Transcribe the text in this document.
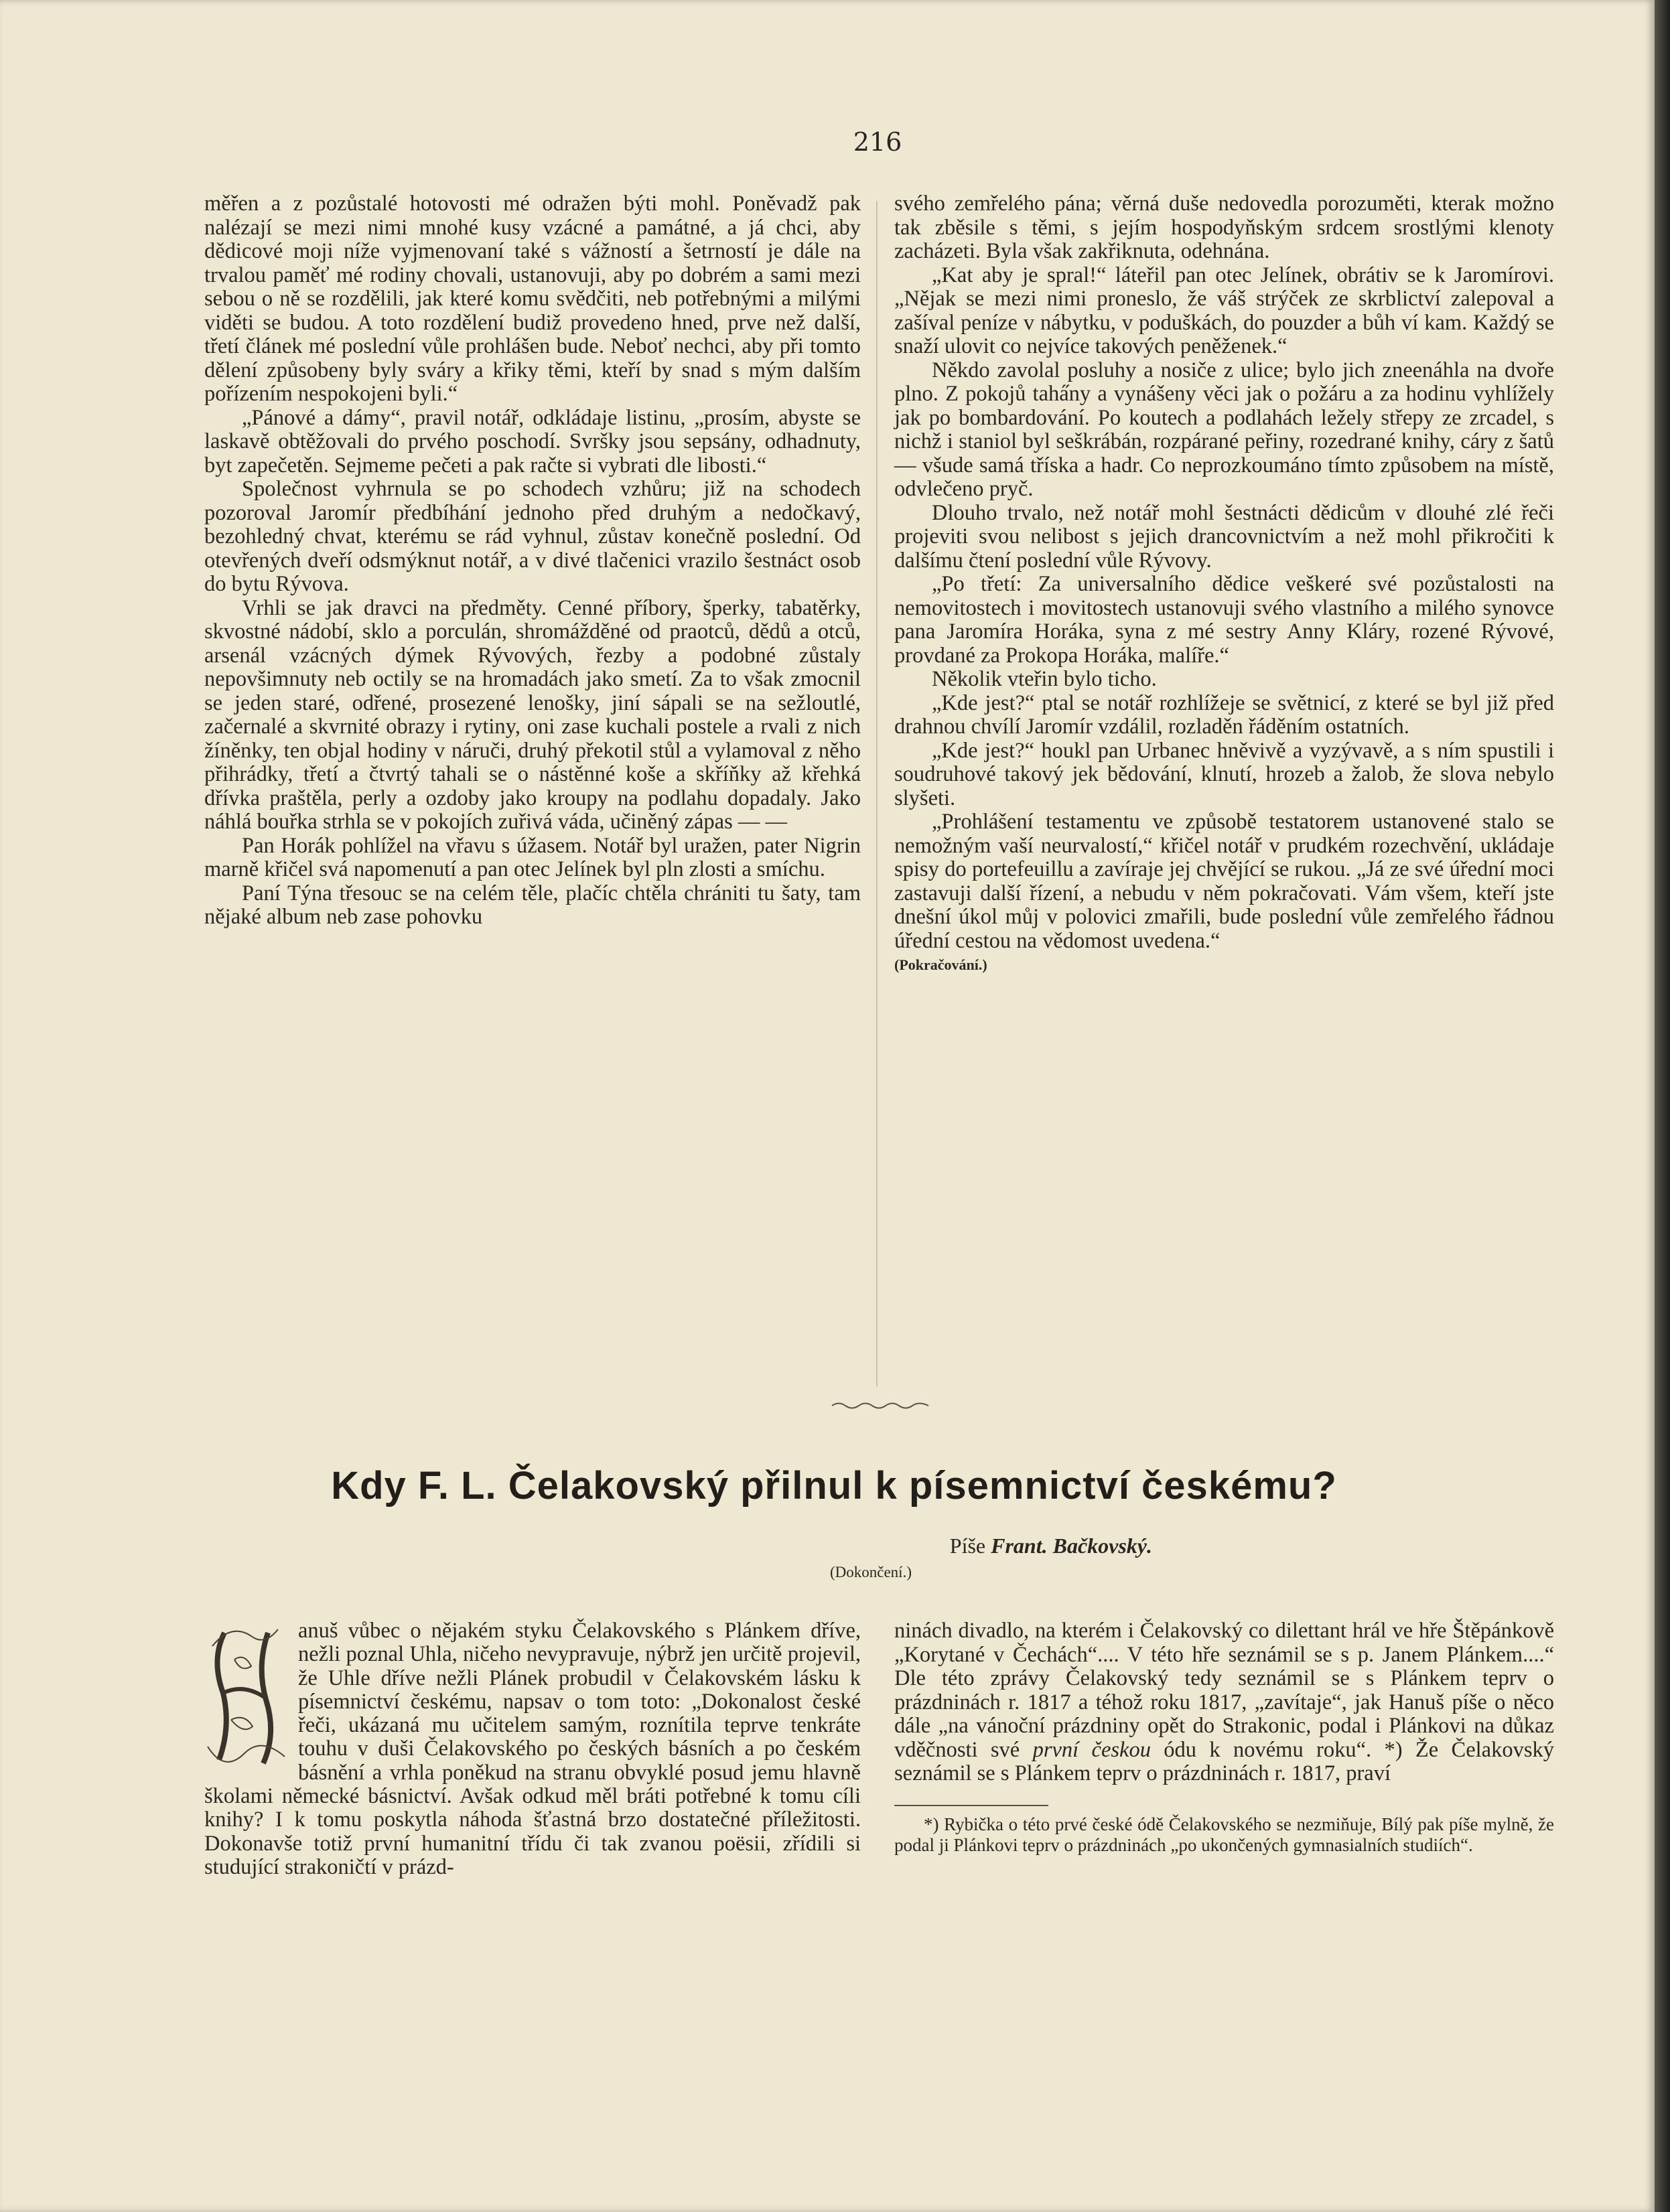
216

měřen a z pozůstalé hotovosti mé odražen býti mohl. Poněvadž pak nalézají se mezi nimi mnohé kusy vzácné a památné, a já chci, aby dědicové moji níže vyjmenovaní také s vážností a šetrností je dále na trvalou paměť mé rodiny chovali, ustanovuji, aby po dobrém a sami mezi sebou o ně se rozdělili, jak které komu svědčiti, neb potřebnými a milými viděti se budou. A toto rozdělení budiž provedeno hned, prve než další, třetí článek mé poslední vůle prohlášen bude. Neboť nechci, aby při tomto dělení způsobeny byly sváry a křiky těmi, kteří by snad s mým dalším pořízením nespokojeni byli.“

„Pánové a dámy“, pravil notář, odkládaje listinu, „prosím, abyste se laskavě obtěžovali do prvého poschodí. Svršky jsou sepsány, odhadnuty, byt zapečetěn. Sejmeme pečeti a pak račte si vybrati dle libosti.“

Společnost vyhrnula se po schodech vzhůru; již na schodech pozoroval Jaromír předbíhání jednoho před druhým a nedočkavý, bezohledný chvat, kterému se rád vyhnul, zůstav konečně poslední. Od otevřených dveří odsmýknut notář, a v divé tlačenici vrazilo šestnáct osob do bytu Rývova.

Vrhli se jak dravci na předměty. Cenné příbory, šperky, tabatěrky, skvostné nádobí, sklo a porculán, shromážděné od praotců, dědů a otců, arsenál vzácných dýmek Rývových, řezby a podobné zůstaly nepovšimnuty neb octily se na hromadách jako smetí. Za to však zmocnil se jeden staré, odřené, prosezené lenošky, jiní sápali se na sežloutlé, začernalé a skvrnité obrazy i rytiny, oni zase kuchali postele a rvali z nich žíněnky, ten objal hodiny v náruči, druhý překotil stůl a vylamoval z něho přihrádky, třetí a čtvrtý tahali se o nástěnné koše a skříňky až křehká dřívka praštěla, perly a ozdoby jako kroupy na podlahu dopadaly. Jako náhlá bouřka strhla se v pokojích zuřivá váda, učiněný zápas — —

Pan Horák pohlížel na vřavu s úžasem. Notář byl uražen, pater Nigrin marně křičel svá napomenutí a pan otec Jelínek byl pln zlosti a smíchu.

Paní Týna třesouc se na celém těle, plačíc chtěla chrániti tu šaty, tam nějaké album neb zase pohovku

svého zemřelého pána; věrná duše nedovedla porozuměti, kterak možno tak zběsile s těmi, s jejím hospodyňským srdcem srostlými klenoty zacházeti. Byla však zakřiknuta, odehnána.

„Kat aby je spral!“ láteřil pan otec Jelínek, obrátiv se k Jaromírovi. „Nějak se mezi nimi proneslo, že váš strýček ze skrblictví zalepoval a zašíval peníze v nábytku, v poduškách, do pouzder a bůh ví kam. Každý se snaží ulovit co nejvíce takových peněženek.“

Někdo zavolal posluhy a nosiče z ulice; bylo jich zneenáhla na dvoře plno. Z pokojů taha̋ny a vynášeny věci jak o požáru a za hodinu vyhlížely jak po bombardování. Po koutech a podlahách ležely střepy ze zrcadel, s nichž i staniol byl seškrábán, rozpárané peřiny, rozedrané knihy, cáry z šatů — všude samá tříska a hadr. Co neprozkoumáno tímto způsobem na místě, odvlečeno pryč.

Dlouho trvalo, než notář mohl šestnácti dědicům v dlouhé zlé řeči projeviti svou nelibost s jejich drancovnictvím a než mohl přikročiti k dalšímu čtení poslední vůle Rývovy.

„Po třetí: Za universalního dědice veškeré své pozůstalosti na nemovitostech i movitostech ustanovuji svého vlastního a milého synovce pana Jaromíra Horáka, syna z mé sestry Anny Kláry, rozené Rývové, provdané za Prokopa Horáka, malíře.“

Několik vteřin bylo ticho.

„Kde jest?“ ptal se notář rozhlížeje se světnicí, z které se byl již před drahnou chvílí Jaromír vzdálil, rozladěn řáděním ostatních.

„Kde jest?“ houkl pan Urbanec hněvivě a vyzývavě, a s ním spustili i soudruhové takový jek bědování, klnutí, hrozeb a žalob, že slova nebylo slyšeti.

„Prohlášení testamentu ve způsobě testatorem ustanovené stalo se nemožným vaší neurvalostí,“ křičel notář v prudkém rozechvění, ukládaje spisy do portefeuillu a zavíraje jej chvějící se rukou. „Já ze své úřední moci zastavuji další řízení, a nebudu v něm pokračovati. Vám všem, kteří jste dnešní úkol můj v polovici zmařili, bude poslední vůle zemřelého řádnou úřední cestou na vědomost uvedena.“

(Pokračování.)

Kdy F. L. Čelakovský přilnul k písemnictví českému?
Píše Frant. Bačkovský.
(Dokončení.)

anuš vůbec o nějakém styku Čelakovského s Plánkem dříve, nežli poznal Uhla, ničeho nevypravuje, nýbrž jen určitě projevil, že Uhle dříve nežli Plánek probudil v Čelakovském lásku k písemnictví českému, napsav o tom toto: „Dokonalost české řeči, ukázaná mu učitelem samým, roznítila teprve tenkráte touhu v duši Čelakovského po českých básních a po českém básnění a vrhla poněkud na stranu obvyklé posud jemu hlavně školami německé básnictví. Avšak odkud měl bráti potřebné k tomu cíli knihy? I k tomu poskytla náhoda šťastná brzo dostatečné příležitosti. Dokonavše totiž první humanitní třídu či tak zvanou poësii, zřídili si studující strakoničtí v prázd-

ninách divadlo, na kterém i Čelakovský co dilettant hrál ve hře Štěpánkově „Korytané v Čechách“.... V této hře seznámil se s p. Janem Plánkem....“ Dle této zprávy Čelakovský tedy seznámil se s Plánkem teprv o prázdninách r. 1817 a téhož roku 1817, „zavítaje“, jak Hanuš píše o něco dále „na vánoční prázdniny opět do Strakonic, podal i Plánkovi na důkaz vděčnosti své první českou ódu k novému roku“. *) Že Čelakovský seznámil se s Plánkem teprv o prázdninách r. 1817, praví

*) Rybička o této prvé české ódě Čelakovského se nezmiňuje, Bílý pak píše mylně, že podal ji Plánkovi teprv o prázdninách „po ukončených gymnasialních studiích“.
